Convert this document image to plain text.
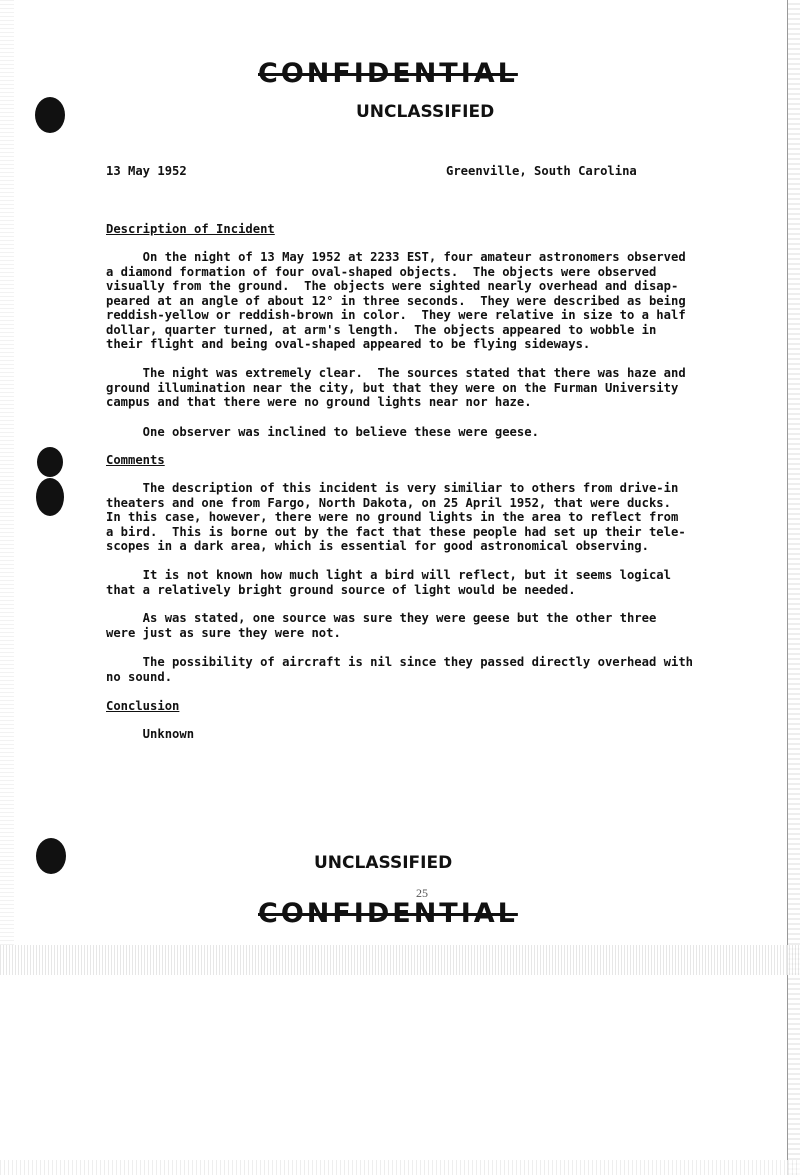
CONFIDENTIAL
UNCLASSIFIED
13 May 1952	Greenville, South Carolina
Description of Incident
On the night of 13 May 1952 at 2233 EST, four amateur astronomers observed
a diamond formation of four oval-shaped objects.  The objects were observed
visually from the ground.  The objects were sighted nearly overhead and disap-
peared at an angle of about 12° in three seconds.  They were described as being
reddish-yellow or reddish-brown in color.  They were relative in size to a half
dollar, quarter turned, at arm's length.  The objects appeared to wobble in
their flight and being oval-shaped appeared to be flying sideways.
The night was extremely clear.  The sources stated that there was haze and
ground illumination near the city, but that they were on the Furman University
campus and that there were no ground lights near nor haze.
One observer was inclined to believe these were geese.
Comments
The description of this incident is very similiar to others from drive-in
theaters and one from Fargo, North Dakota, on 25 April 1952, that were ducks.
In this case, however, there were no ground lights in the area to reflect from
a bird.  This is borne out by the fact that these people had set up their tele-
scopes in a dark area, which is essential for good astronomical observing.
It is not known how much light a bird will reflect, but it seems logical
that a relatively bright ground source of light would be needed.
As was stated, one source was sure they were geese but the other three
were just as sure they were not.
The possibility of aircraft is nil since they passed directly overhead with
no sound.
Conclusion
Unknown
UNCLASSIFIED
25
CONFIDENTIAL
